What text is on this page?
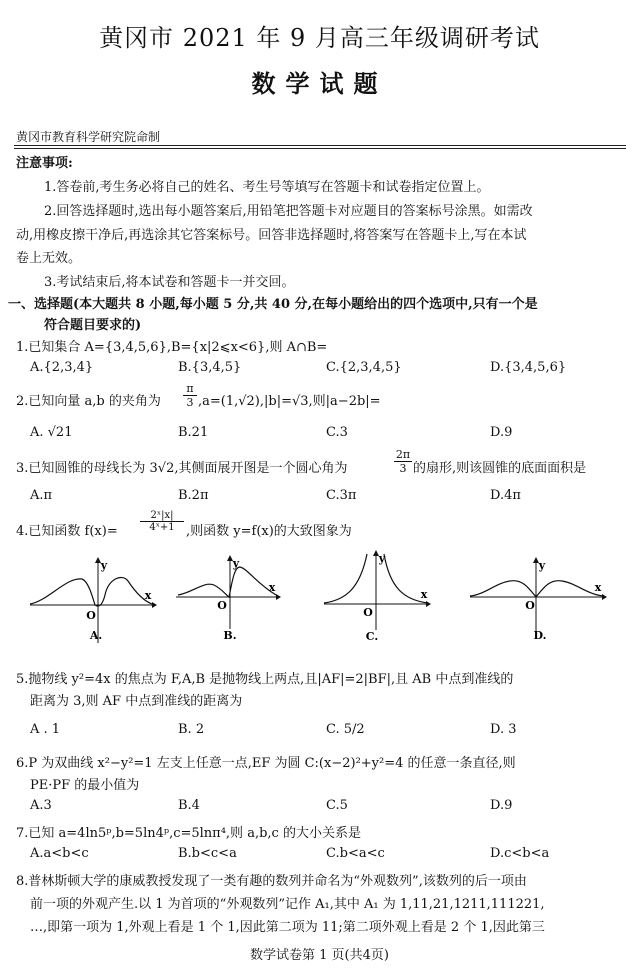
黄冈市 2021 年 9 月高三年级调研考试
数学试题
黄冈市教育科学研究院命制
注意事项:
1.答卷前,考生务必将自己的姓名、考生号等填写在答题卡和试卷指定位置上。
2.回答选择题时,选出每小题答案后,用铅笔把答题卡对应题目的答案标号涂黑。如需改
动,用橡皮擦干净后,再选涂其它答案标号。回答非选择题时,将答案写在答题卡上,写在本试
卷上无效。
3.考试结束后,将本试卷和答题卡一并交回。
一、选择题(本大题共 8 小题,每小题 5 分,共 40 分,在每小题给出的四个选项中,只有一个是
符合题目要求的)
1.已知集合 A={3,4,5,6},B={x|2⩽x<6},则 A∩B=
A.{2,3,4}	B.{3,4,5}	C.{2,3,4,5}	D.{3,4,5,6}
2.已知向量 a,b 的夹角为 $\frac{\pi}{3} ,a=(1,√2),|b|=√3$,则|a−2b|=
A. √21	B.21	C.3	D.9
3.已知圆锥的母线长为 3√2,其侧面展开图是一个圆心角为	$\frac{2\pi}{3}$ 的扇形,则该圆锥的底面面积是
A.π	B.2π	C.3π	D.4π
4.已知函数 $f(x)= \frac{\text{2ˣ|x|}}{\text{4ˣ+1}}$ ,则函数 y=f(x)的大致图象为
O
y
x
A.
O
y
x
B.
O
y
x
C.
O
y
x
D.
5.抛物线 y²=4x 的焦点为 F,A,B 是抛物线上两点,且|AF|=2|BF|,且 AB 中点到准线的
距离为 3,则 AF 中点到准线的距离为
A . 1	B. 2	C. 5/2	D. 3
6.P 为双曲线 x²−y²=1 左支上任意一点,EF 为圆 C:(x−2)²+y²=4 的任意一条直径,则
PE·PF 的最小值为
A.3	B.4	C.5	D.9
7.已知 a=4ln5ᵖ,b=5ln4ᵖ,c=5lnπ⁴,则 a,b,c 的大小关系是
A.a<b<c	B.b<c<a	C.b<a<c	D.c<b<a
8.普林斯顿大学的康威教授发现了一类有趣的数列并命名为“外观数列”,该数列的后一项由
前一项的外观产生.以 1 为首项的“外观数列”记作 A₁,其中 A₁ 为 1,11,21,1211,111221,
…,即第一项为 1,外观上看是 1 个 1,因此第二项为 11;第二项外观上看是 2 个 1,因此第三
数学试卷第 1 页(共4页)
